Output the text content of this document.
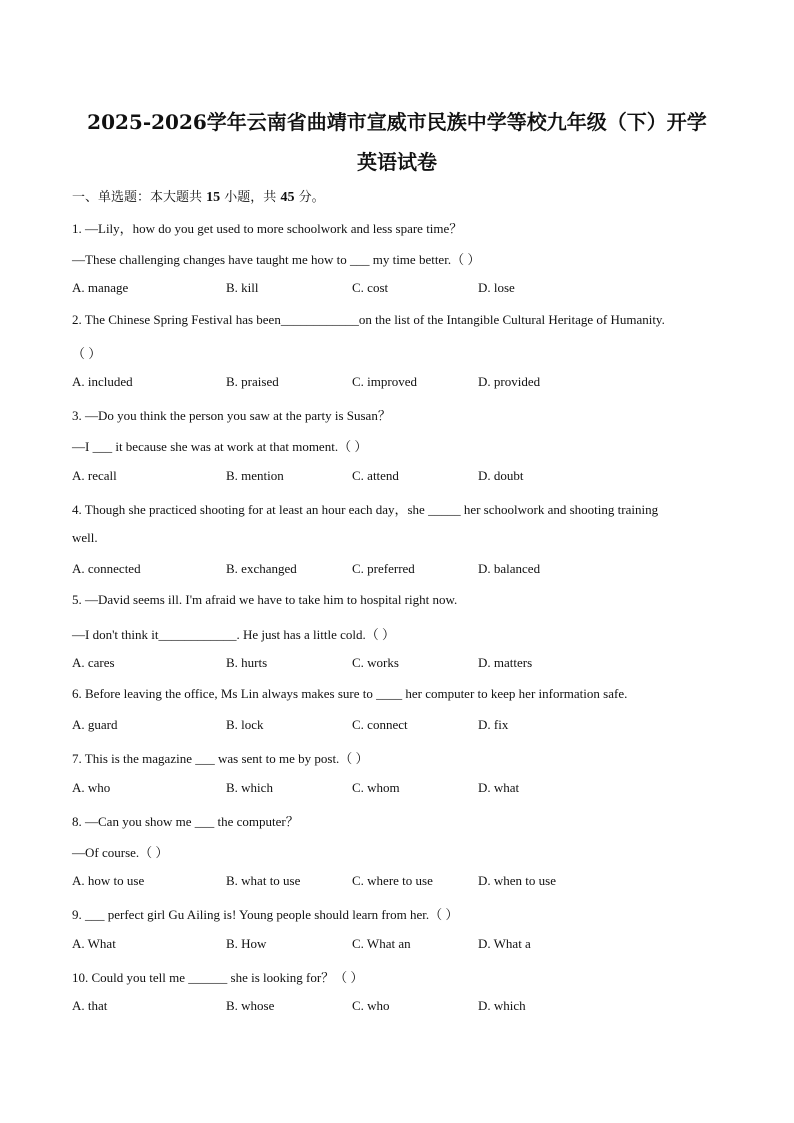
2025-2026学年云南省曲靖市宣威市民族中学等校九年级（下）开学
英语试卷
一、单选题：本大题共 15 小题，共 45 分。
1. —Lily，how do you get used to more schoolwork and less spare time？
—These challenging changes have taught me how to ___ my time better.（ ）
A. manage	B. kill	C. cost	D. lose
2. The Chinese Spring Festival has been____________on the list of the Intangible Cultural Heritage of Humanity.
（ ）
A. included	B. praised	C. improved	D. provided
3. —Do you think the person you saw at the party is Susan？
—I ___ it because she was at work at that moment.（ ）
A. recall	B. mention	C. attend	D. doubt
4. Though she practiced shooting for at least an hour each day，she _____ her schoolwork and shooting training
well.
A. connected	B. exchanged	C. preferred	D. balanced
5. —David seems ill. I'm afraid we have to take him to hospital right now.
—I don't think it____________. He just has a little cold.（ ）
A. cares	B. hurts	C. works	D. matters
6. Before leaving the office, Ms Lin always makes sure to ____ her computer to keep her information safe.
A. guard	B. lock	C. connect	D. fix
7. This is the magazine ___ was sent to me by post.（ ）
A. who	B. which	C. whom	D. what
8. —Can you show me ___ the computer？
—Of course.（ ）
A. how to use	B. what to use	C. where to use	D. when to use
9. ___ perfect girl Gu Ailing is! Young people should learn from her.（ ）
A. What	B. How	C. What an	D. What a
10. Could you tell me ______ she is looking for？（ ）
A. that	B. whose	C. who	D. which
